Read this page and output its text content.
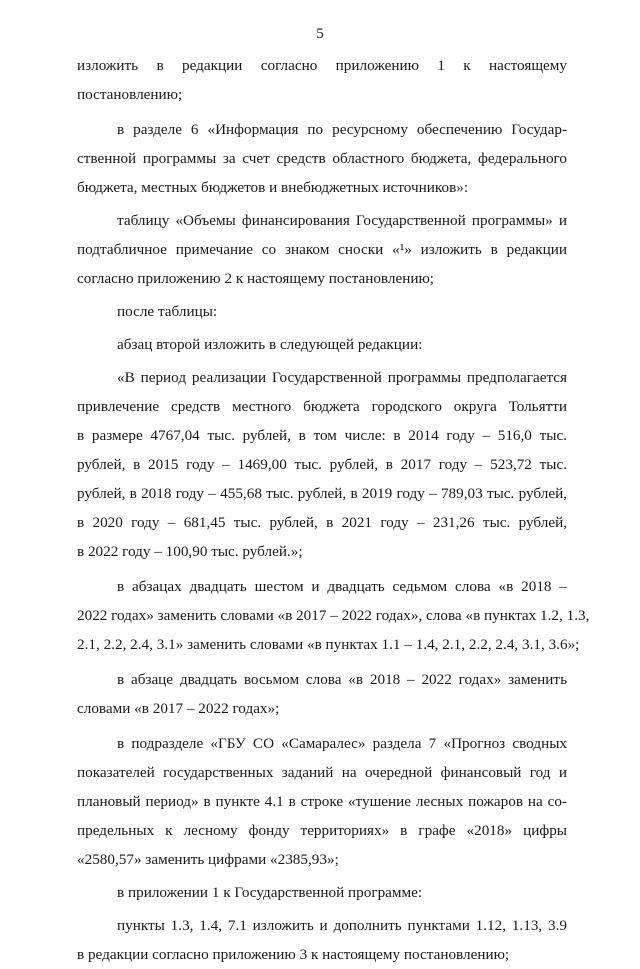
5
изложить в редакции согласно приложению 1 к настоящему
постановлению;
в разделе 6 «Информация по ресурсному обеспечению Государ-
ственной программы за счет средств областного бюджета, федерального
бюджета, местных бюджетов и внебюджетных источников»:
таблицу «Объемы финансирования Государственной программы» и
подтабличное примечание со знаком сноски «¹» изложить в редакции
согласно приложению 2 к настоящему постановлению;
после таблицы:
абзац второй изложить в следующей редакции:
«В период реализации Государственной программы предполагается
привлечение средств местного бюджета городского округа Тольятти
в размере 4767,04 тыс. рублей, в том числе: в 2014 году – 516,0 тыс.
рублей, в 2015 году – 1469,00 тыс. рублей, в 2017 году – 523,72 тыс.
рублей, в 2018 году – 455,68 тыс. рублей, в 2019 году – 789,03 тыс. рублей,
в 2020 году – 681,45 тыс. рублей, в 2021 году – 231,26 тыс. рублей,
в 2022 году – 100,90 тыс. рублей.»;
в абзацах двадцать шестом и двадцать седьмом слова «в 2018 –
2022 годах» заменить словами «в 2017 – 2022 годах», слова «в пунктах 1.2, 1.3,
2.1, 2.2, 2.4, 3.1» заменить словами «в пунктах 1.1 – 1.4, 2.1, 2.2, 2.4, 3.1, 3.6»;
в абзаце двадцать восьмом слова «в 2018 – 2022 годах» заменить
словами «в 2017 – 2022 годах»;
в подразделе «ГБУ СО «Самаралес» раздела 7 «Прогноз сводных
показателей государственных заданий на очередной финансовый год и
плановый период» в пункте 4.1 в строке «тушение лесных пожаров на со-
предельных к лесному фонду территориях» в графе «2018» цифры
«2580,57» заменить цифрами «2385,93»;
в приложении 1 к Государственной программе:
пункты 1.3, 1.4, 7.1 изложить и дополнить пунктами 1.12, 1.13, 3.9
в редакции согласно приложению 3 к настоящему постановлению;
